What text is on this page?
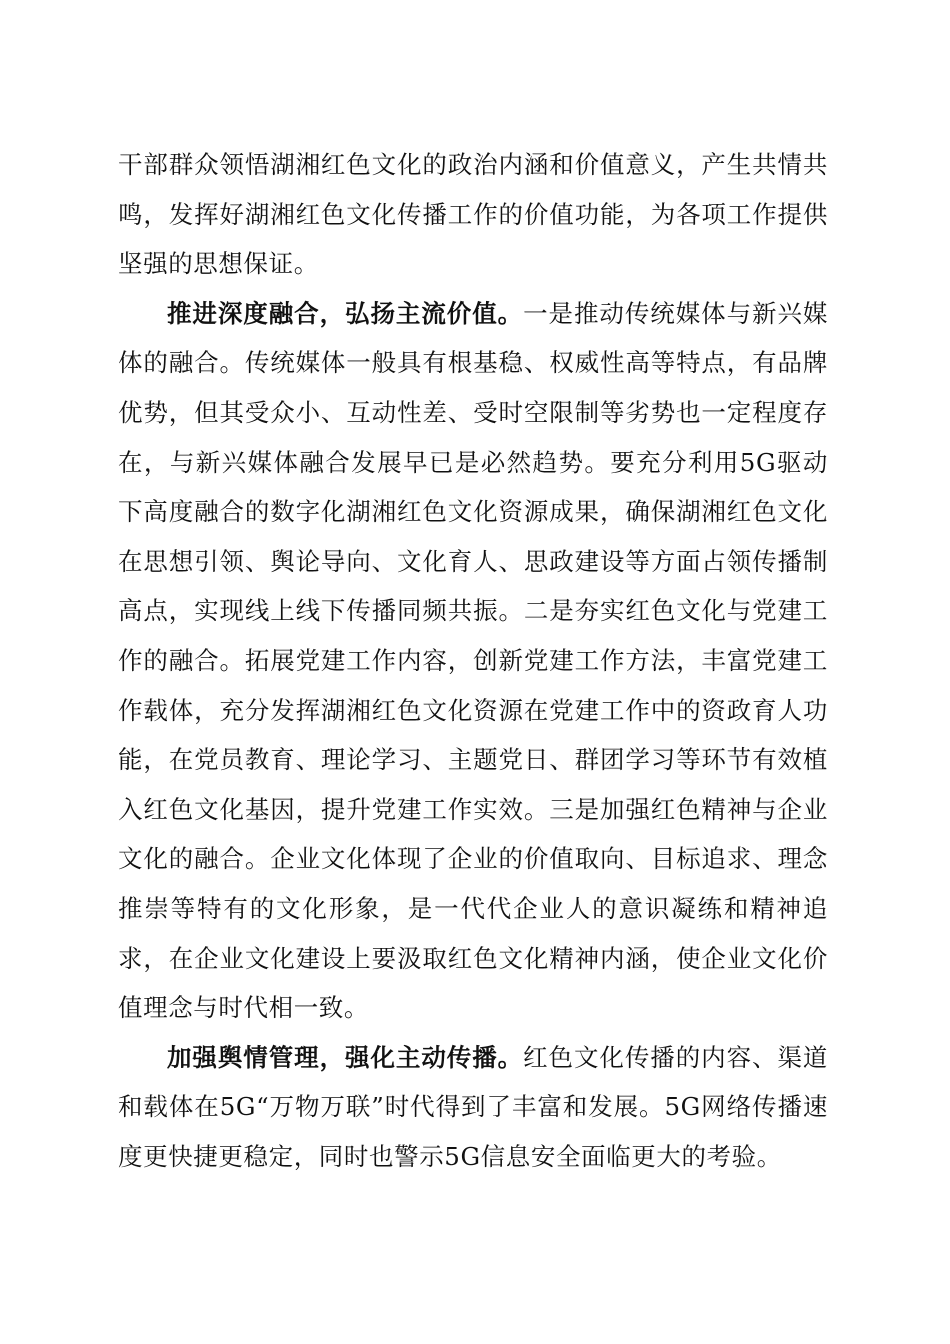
干部群众领悟湖湘红色文化的政治内涵和价值意义，产生共情共鸣，发挥好湖湘红色文化传播工作的价值功能，为各项工作提供坚强的思想保证。

推进深度融合，弘扬主流价值。一是推动传统媒体与新兴媒体的融合。传统媒体一般具有根基稳、权威性高等特点，有品牌优势，但其受众小、互动性差、受时空限制等劣势也一定程度存在，与新兴媒体融合发展早已是必然趋势。要充分利用5G驱动下高度融合的数字化湖湘红色文化资源成果，确保湖湘红色文化在思想引领、舆论导向、文化育人、思政建设等方面占领传播制高点，实现线上线下传播同频共振。二是夯实红色文化与党建工作的融合。拓展党建工作内容，创新党建工作方法，丰富党建工作载体，充分发挥湖湘红色文化资源在党建工作中的资政育人功能，在党员教育、理论学习、主题党日、群团学习等环节有效植入红色文化基因，提升党建工作实效。三是加强红色精神与企业文化的融合。企业文化体现了企业的价值取向、目标追求、理念推崇等特有的文化形象，是一代代企业人的意识凝练和精神追求，在企业文化建设上要汲取红色文化精神内涵，使企业文化价值理念与时代相一致。

加强舆情管理，强化主动传播。红色文化传播的内容、渠道和载体在5G“万物万联”时代得到了丰富和发展。5G网络传播速度更快捷更稳定，同时也警示5G信息安全面临更大的考验。
